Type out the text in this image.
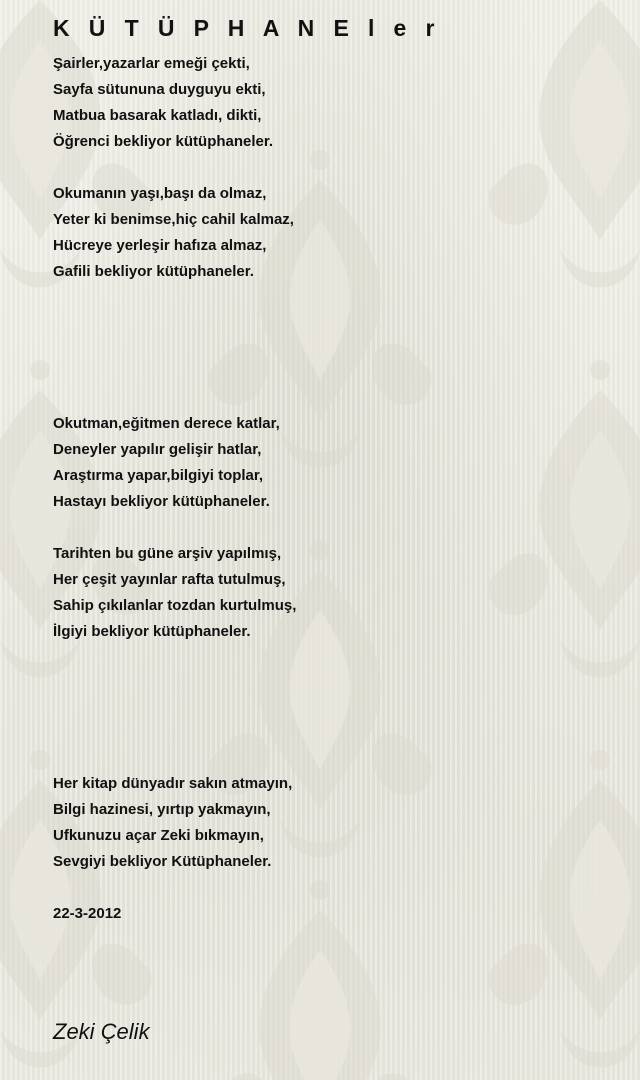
K Ü T Ü P H A N E l e r
Şairler,yazarlar emeği çekti,
Sayfa sütununa duyguyu ekti,
Matbua basarak katladı, dikti,
Öğrenci bekliyor kütüphaneler.
Okumanın yaşı,başı da olmaz,
Yeter ki benimse,hiç cahil kalmaz,
Hücreye yerleşir hafıza almaz,
Gafili bekliyor kütüphaneler.
Okutman,eğitmen derece katlar,
Deneyler yapılır gelişir hatlar,
Araştırma yapar,bilgiyi toplar,
Hastayı bekliyor kütüphaneler.
Tarihten bu güne arşiv yapılmış,
Her çeşit yayınlar rafta tutulmuş,
Sahip çıkılanlar tozdan kurtulmuş,
İlgiyi bekliyor kütüphaneler.
Her kitap dünyadır sakın atmayın,
Bilgi hazinesi, yırtıp yakmayın,
Ufkunuzu açar Zeki bıkmayın,
Sevgiyi bekliyor Kütüphaneler.
22-3-2012
Zeki Çelik
